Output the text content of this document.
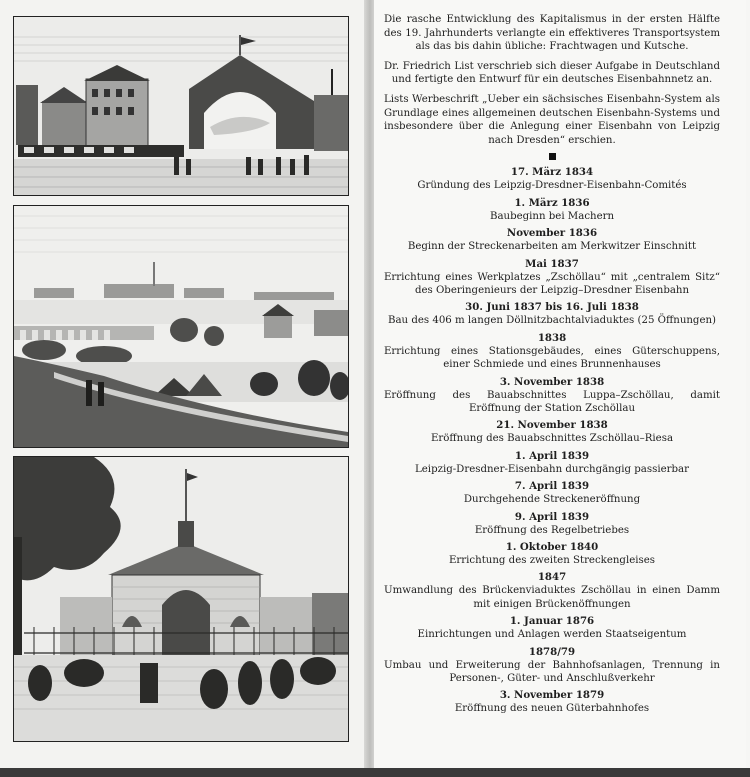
Die rasche Entwicklung des Kapitalismus in der ersten Hälfte des 19. Jahrhunderts verlangte ein effektiveres Transportsystem als das bis dahin übliche: Frachtwagen und Kutsche.

Dr. Friedrich List verschrieb sich dieser Aufgabe in Deutschland und fertigte den Entwurf für ein deutsches Eisenbahnnetz an.

Lists Werbeschrift „Ueber ein sächsisches Eisenbahn-System als Grundlage eines allgemeinen deutschen Eisenbahn-Systems und insbesondere über die Anlegung einer Eisenbahn von Leipzig nach Dresden“ erschien.

17. März 1834
Gründung des Leipzig-Dresdner-Eisenbahn-Comités
1. März 1836
Baubeginn bei Machern
November 1836
Beginn der Streckenarbeiten am Merkwitzer Einschnitt
Mai 1837
Errichtung eines Werkplatzes „Zschöllau“ mit „centralem Sitz“ des Oberingenieurs der Leipzig–Dresdner Eisenbahn
30. Juni 1837 bis 16. Juli 1838
Bau des 406 m langen Döllnitzbachtalviaduktes (25 Öffnungen)
1838
Errichtung eines Stationsgebäudes, eines Güterschuppens, einer Schmiede und eines Brunnenhauses
3. November 1838
Eröffnung des Bauabschnittes Luppa–Zschöllau, damit Eröffnung der Station Zschöllau
21. November 1838
Eröffnung des Bauabschnittes Zschöllau–Riesa
1. April 1839
Leipzig-Dresdner-Eisenbahn durchgängig passierbar
7. April 1839
Durchgehende Streckeneröffnung
9. April 1839
Eröffnung des Regelbetriebes
1. Oktober 1840
Errichtung des zweiten Streckengleises
1847
Umwandlung des Brückenviaduktes Zschöllau in einen Damm mit einigen Brückenöffnungen
1. Januar 1876
Einrichtungen und Anlagen werden Staatseigentum
1878/79
Umbau und Erweiterung der Bahnhofsanlagen, Trennung in Personen-, Güter- und Anschlußverkehr
3. November 1879
Eröffnung des neuen Güterbahnhofes
